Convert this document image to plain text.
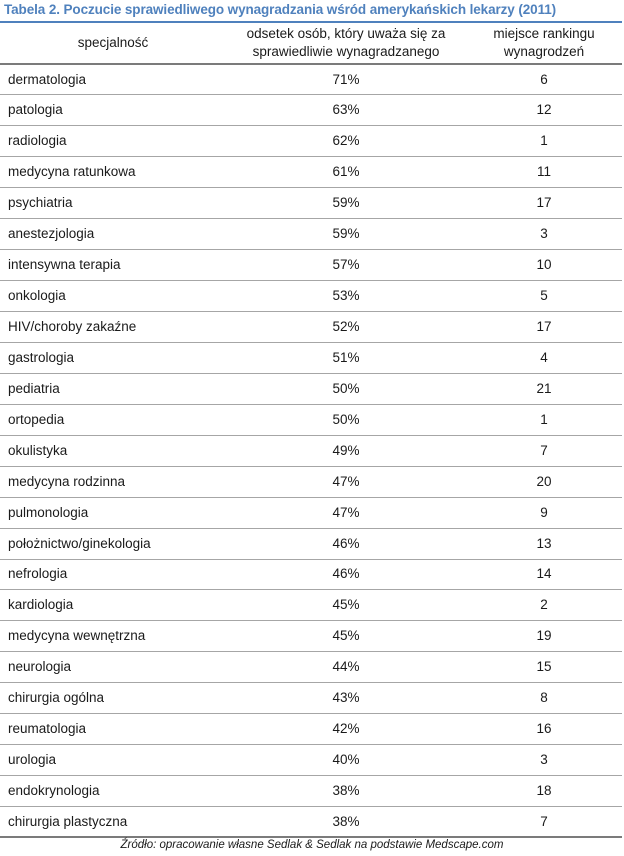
Tabela 2. Poczucie sprawiedliwego wynagradzania wśród amerykańskich lekarzy (2011)
specjalność	odsetek osób, który uważa się za sprawiedliwie wynagradzanego	miejsce rankingu wynagrodzeń
dermatologia	71%	6
patologia	63%	12
radiologia	62%	1
medycyna ratunkowa	61%	11
psychiatria	59%	17
anestezjologia	59%	3
intensywna terapia	57%	10
onkologia	53%	5
HIV/choroby zakaźne	52%	17
gastrologia	51%	4
pediatria	50%	21
ortopedia	50%	1
okulistyka	49%	7
medycyna rodzinna	47%	20
pulmonologia	47%	9
położnictwo/ginekologia	46%	13
nefrologia	46%	14
kardiologia	45%	2
medycyna wewnętrzna	45%	19
neurologia	44%	15
chirurgia ogólna	43%	8
reumatologia	42%	16
urologia	40%	3
endokrynologia	38%	18
chirurgia plastyczna	38%	7
Źródło: opracowanie własne Sedlak & Sedlak na podstawie Medscape.com
